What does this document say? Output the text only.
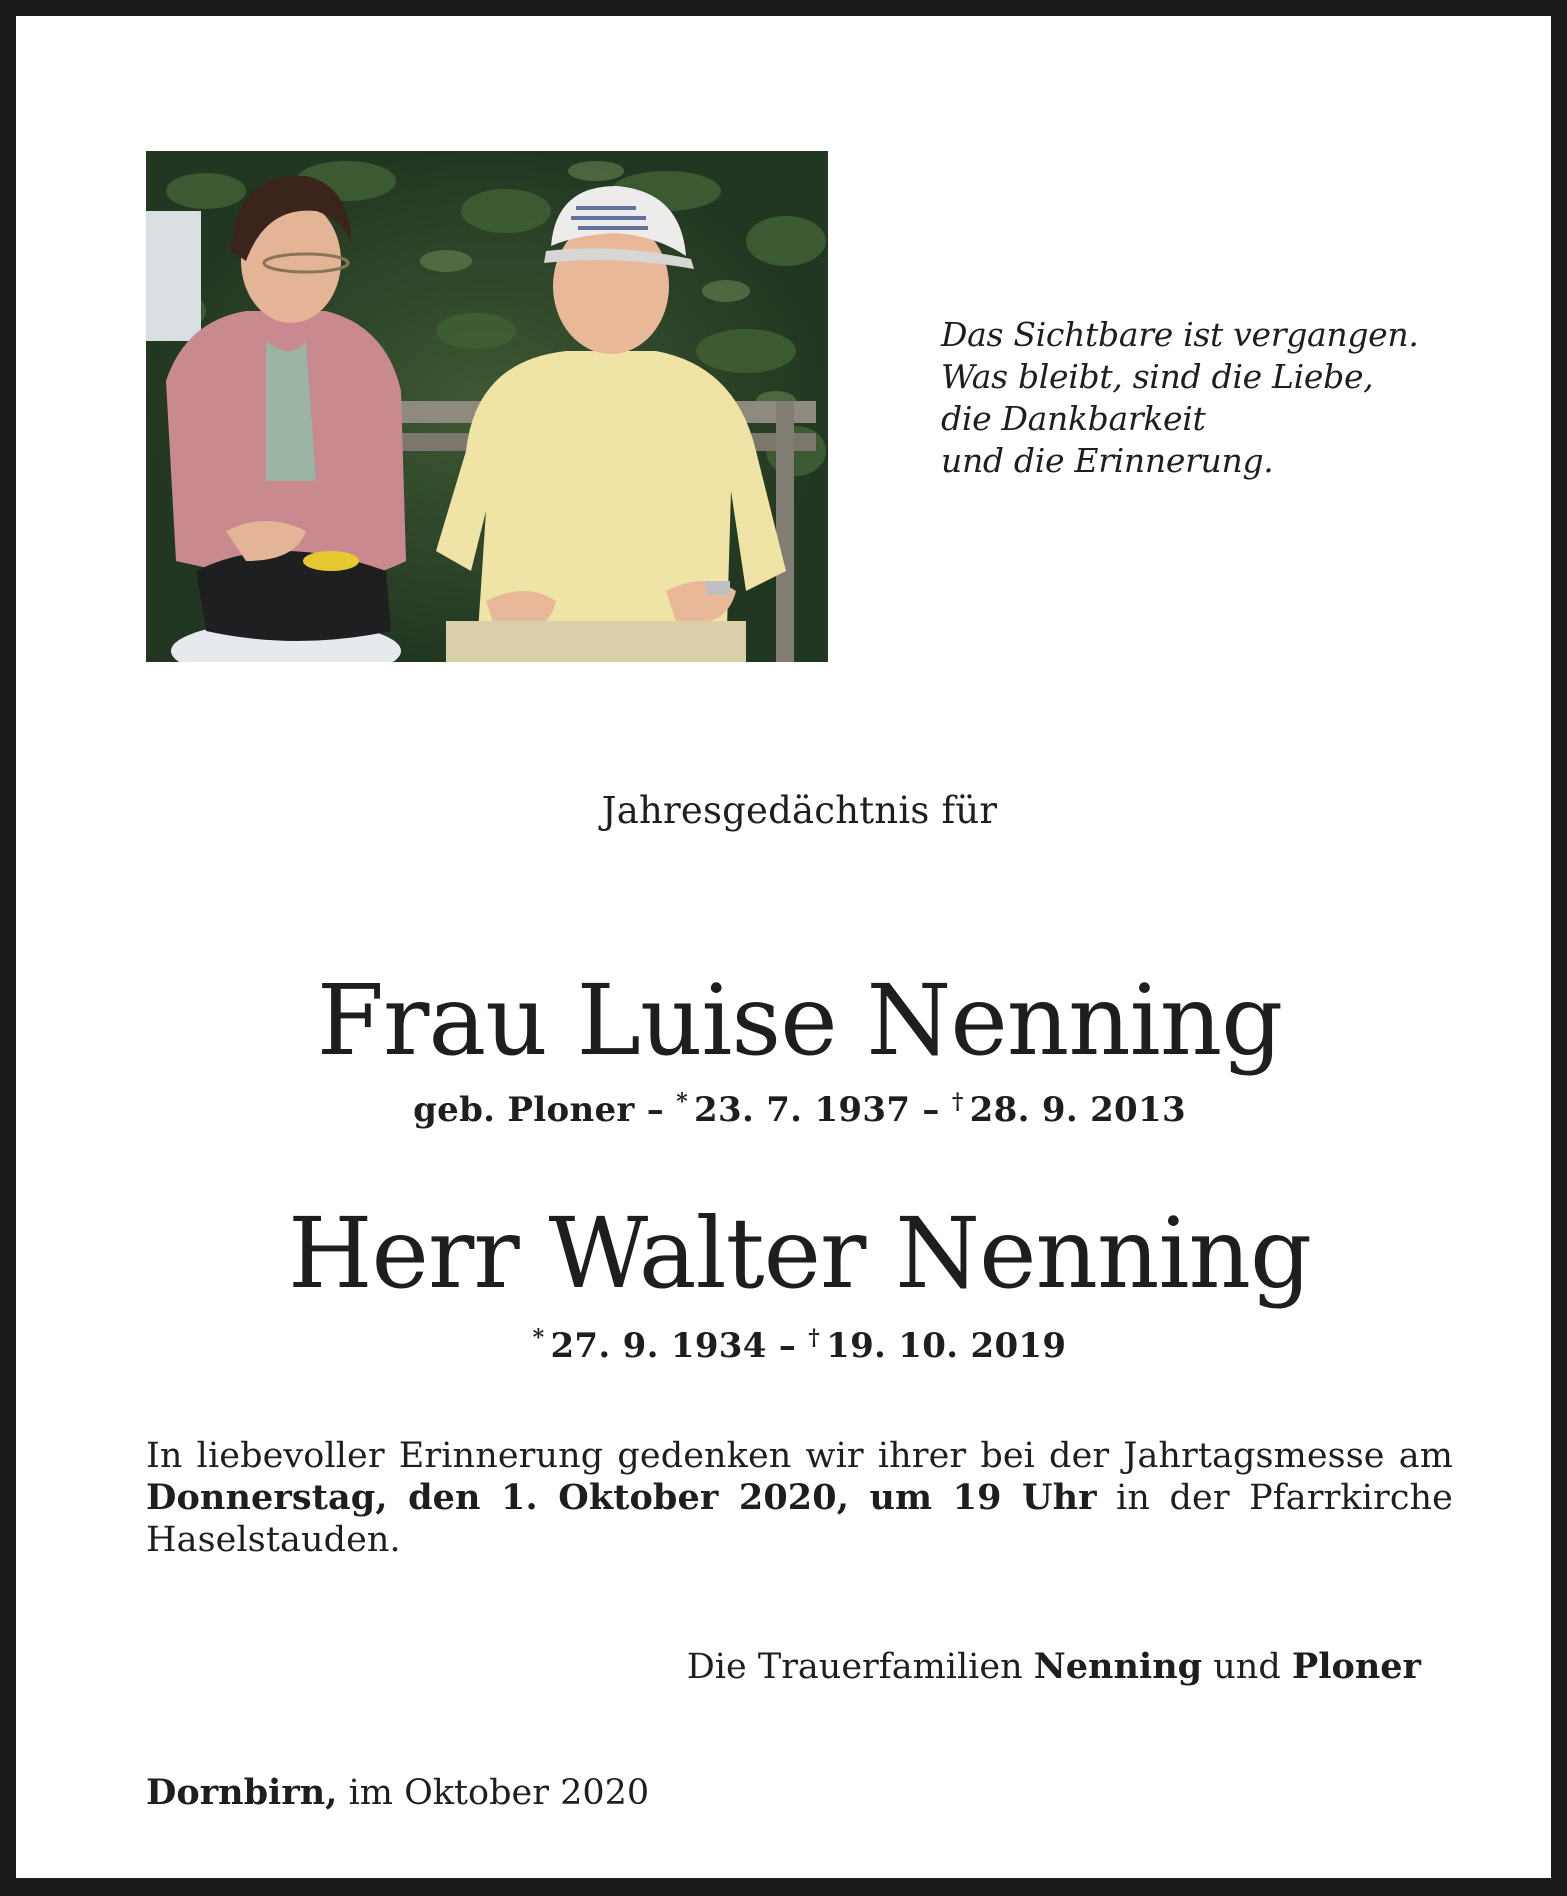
Das Sichtbare ist vergangen.
Was bleibt, sind die Liebe,
die Dankbarkeit
und die Erinnerung.
Jahresgedächtnis für
Frau Luise Nenning
geb. Ploner – * 23. 7. 1937 – † 28. 9. 2013
Herr Walter Nenning
* 27. 9. 1934 – † 19. 10. 2019
In liebevoller Erinnerung gedenken wir ihrer bei der Jahrtagsmesse am Donnerstag, den 1. Oktober 2020, um 19 Uhr in der Pfarrkirche Haselstauden.
Die Trauerfamilien Nenning und Ploner
Dornbirn, im Oktober 2020
